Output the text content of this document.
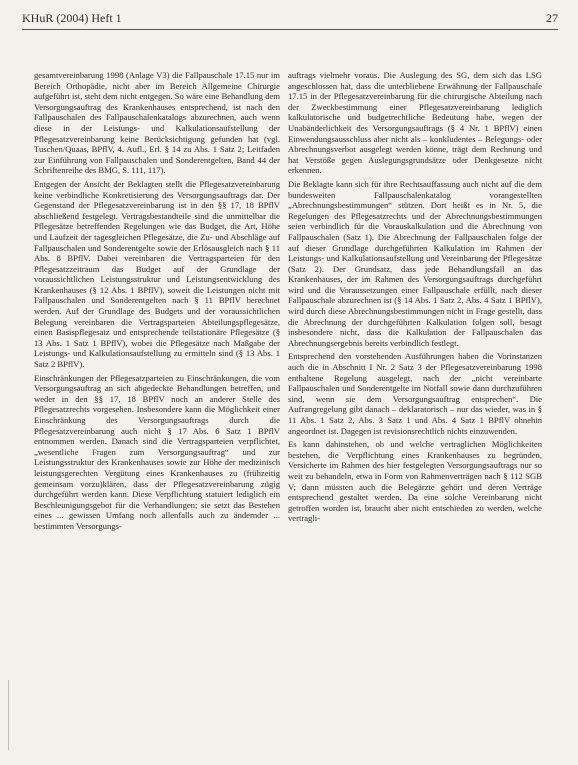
KHuR (2004) Heft 1	27

gesamtvereinbarung 1998 (Anlage V3) die Fallpauschale 17.15 nur im Bereich Orthopädie, nicht aber im Bereich Allgemeine Chirurgie aufgeführt ist, steht dem nicht entgegen. So wäre eine Behandlung dem Versorgungsauftrag des Krankenhauses entsprechend, ist nach den Fallpauschalen des Fallpauschalenkatalogs abzurechnen, auch wenn diese in der Leistungs- und Kalkulationsaufstellung der Pflegesatzvereinbarung keine Berücksichtigung gefunden hat (vgl. Tuschen/Quaas, BPflV, 4. Aufl., Erl. § 14 zu Abs. 1 Satz 2; Leitfaden zur Einführung von Fallpauschalen und Sonderentgelten, Band 44 der Schriftenreihe des BMG, S. 111, 117).

Entgegen der Ansicht der Beklagten stellt die Pflegesatzvereinbarung keine verbindliche Konkretisierung des Versorgungsauftrags dar. Der Gegenstand der Pflegesatzvereinbarung ist in den §§ 17, 18 BPflV abschließend festgelegt. Vertragsbestandteile sind die unmittelbar die Pflegesätze betreffenden Regelungen wie das Budget, die Art, Höhe und Laufzeit der tagesgleichen Pflegesätze, die Zu- und Abschläge auf Fallpauschalen und Sonderentgelte sowie der Erlösausgleich nach § 11 Abs. 8 BPflV. Dabei vereinbaren die Vertragsparteien für den Pflegesatzzeitraum das Budget auf der Grundlage der voraussichtlichen Leistungsstruktur und Leistungsentwicklung des Krankenhauses (§ 12 Abs. 1 BPflV), soweit die Leistungen nicht mit Fallpauschalen und Sonderentgelten nach § 11 BPflV berechnet werden. Auf der Grundlage des Budgets und der voraussichtlichen Belegung vereinbaren die Vertragsparteien Abteilungspflegesätze, einen Basispflegesatz und entsprechende teilstationäre Pflegesätze (§ 13 Abs. 1 Satz 1 BPflV), wobei die Pflegesätze nach Maßgabe der Leistungs- und Kalkulationsaufstellung zu ermitteln sind (§ 13 Abs. 1 Satz 2 BPflV).

Einschränkungen der Pflegesatzparteien zu Einschränkungen, die vom Versorgungsauftrag an sich abgedeckte Behandlungen betreffen, und weder in den §§ 17, 18 BPflV noch an anderer Stelle des Pflegesatzrechts vorgesehen. Insbesondere kann die Möglichkeit einer Einschränkung des Versorgungsauftrags durch die Pflegesatzvereinbarung auch nicht § 17 Abs. 6 Satz 1 BPflV entnommen werden. Danach sind die Vertragsparteien verpflichtet, „wesentliche Fragen zum Versorgungsauftrag“ und zur Leistungsstruktur des Krankenhauses sowie zur Höhe der medizinisch leistungsgerechten Vergütung eines Krankenhauses zu (frühzeitig gemeinsam vorzu)klären, dass der Pflegesatzvereinbarung zügig durchgeführt werden kann. Diese Verpflichtung statuiert lediglich ein Beschleunigungsgebot für die Verhandlungen; sie setzt das Bestehen eines ... gewissen Umfang noch allenfalls auch zu ändernder ... bestimmten Versorgungs-

auftrags vielmehr voraus. Die Auslegung des SG, dem sich das LSG angeschlossen hat, dass die unterbliebene Erwähnung der Fallpauschale 17.15 in der Pflegesatzvereinbarung für die chirurgische Abteilung nach der Zweckbestimmung einer Pflegesatzvereinbarung lediglich kalkulatorische und budgetrechtliche Bedeutung habe, wegen der Unabänderlichkeit des Versorgungsauftrags (§ 4 Nr. 1 BPflV) einen Einwendungsausschluss aber nicht als – konkludentes – Belegungs- oder Abrechnungsverbot ausgelegt werden könne, trägt dem Rechnung und hat Verstöße gegen Auslegungsgrundsätze oder Denkgesetze nicht erkennen.

Die Beklagte kann sich für ihre Rechtsauffassung auch nicht auf die dem bundesweiten Fallpauschalenkatalog vorangestellten „Abrechnungsbestimmungen“ stützen. Dort heißt es in Nr. 5, die Regelungen des Pflegesatzrechts und der Abrechnungsbestimmungen seien verbindlich für die Vorauskalkulation und die Abrechnung von Fallpauschalen (Satz 1). Die Abrechnung der Fallpauschalen folge der auf dieser Grundlage durchgeführten Kalkulation im Rahmen der Leistungs- und Kalkulationsaufstellung und Vereinbarung der Pflegesätze (Satz 2). Der Grundsatz, dass jede Behandlungsfall an das Krankenhauses, der im Rahmen des Versorgungsauftrags durchgeführt wird und die Voraussetzungen einer Fallpauschale erfüllt, nach dieser Fallpauschale abzurechnen ist (§ 14 Abs. 1 Satz 2, Abs. 4 Satz 1 BPflV), wird durch diese Abrechnungsbestimmungen nicht in Frage gestellt, dass die Abrechnung der durchgeführten Kalkulation folgen soll, besagt insbesondere nicht, dass die Kalkulation der Fallpauschalen das Abrechnungsergebnis bereits verbindlich festlegt.

Entsprechend den vorstehenden Ausführungen haben die Vorinstanzen auch die in Abschnitt I Nr. 2 Satz 3 der Pflegesatzvereinbarung 1998 enthaltene Regelung ausgelegt, nach der „nicht vereinbarte Fallpauschalen und Sonderentgelte im Notfall sowie dann durchzuführen sind, wenn sie dem Versorgungsauftrag entsprechen“. Die Aufrangregelung gibt danach – deklaratorisch – nur das wieder, was in § 11 Abs. 1 Satz 2, Abs. 3 Satz 1 und Abs. 4 Satz 1 BPflV ohnehin angeordnet ist. Dagegen ist revisionsrechtlich nichts einzuwenden.

Es kann dahinstehen, ob und welche vertraglichen Möglichkeiten bestehen, die Verpflichtung eines Krankenhauses zu begründen, Versicherte im Rahmen des hier festgelegten Versorgungsauftrags nur so weit zu behandeln, etwa in Form von Rahmenverträgen nach § 112 SGB V; dann müssten auch die Belegärzte gehört und deren Verträge entsprechend gestaltet werden. Da eine solche Vereinbarung nicht getroffen worden ist, braucht aber nicht entschieden zu werden, welche vertragli-
